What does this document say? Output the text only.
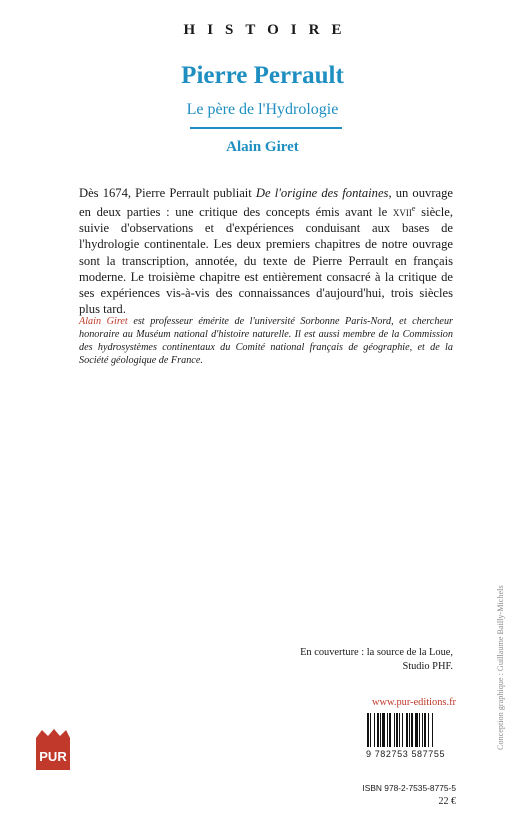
HISTOIRE
Pierre Perrault
Le père de l'Hydrologie
Alain Giret

Dès 1674, Pierre Perrault publiait De l'origine des fontaines, un ouvrage en deux parties : une critique des concepts émis avant le xvii$^e$ siècle, suivie d'observations et d'expériences conduisant aux bases de l'hydrologie continentale. Les deux premiers chapitres de notre ouvrage sont la transcription, annotée, du texte de Pierre Perrault en français moderne. Le troisième chapitre est entièrement consacré à la critique de ses expériences vis-à-vis des connaissances d'aujourd'hui, trois siècles plus tard.

Alain Giret est professeur émérite de l'université Sorbonne Paris-Nord, et chercheur honoraire au Muséum national d'histoire naturelle. Il est aussi membre de la Commission des hydrosystèmes continentaux du Comité national français de géographie, et de la Société géologique de France.
Conception graphique : Guillaume Bailly-Michels
En couverture : la source de la Loue,
Studio PHF.
www.pur-editions.fr
PUR	9 782753 587755
ISBN 978-2-7535-8775-5
22 €
